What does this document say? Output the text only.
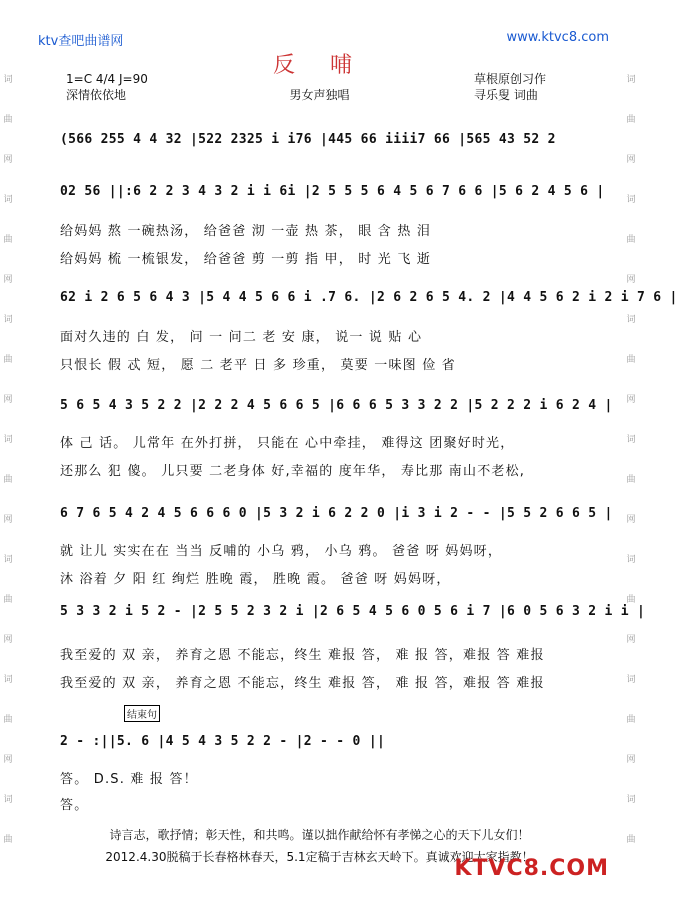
ktv查吧曲谱网	www.ktvc8.com
词
曲
网
词
曲
网
词
曲
网
词
曲
网
词
曲
网
词
曲
网
词
曲
词
曲
网
词
曲
网
词
曲
网
词
曲
网
词
曲
网
词
曲
网
词
曲
反 哺
1=C 4/4 J=90
深情依依地	男女声独唱
草根原创习作
寻乐叟 词曲
(566 255 4 4 32 |522 2325 i i76 |445 66 iiii7 66 |565 43 52 2
02 56 ||:6 2 2 3 4 3 2 i i 6i |2 5 5 5 6 4 5 6 7 6 6 |5 6 2 4 5 6 |
给妈妈 熬 一碗热汤， 给爸爸 沏 一壶 热 茶， 眼 含 热 泪
给妈妈 梳 一梳银发， 给爸爸 剪 一剪 指 甲， 时 光 飞 逝
62 i 2 6 5 6 4 3 |5 4 4 5 6 6 i .7 6. |2 6 2 6 5 4. 2 |4 4 5 6 2 i 2 i 7 6 |
面对久违的 白 发， 问 一 问二 老 安 康， 说一 说 贴 心
只恨长 假 忒 短， 愿 二 老平 日 多 珍重， 莫要 一味图 俭 省
5 6 5 4 3 5 2 2 |2 2 2 4 5 6 6 5 |6 6 6 5 3 3 2 2 |5 2 2 2 i 6 2 4 |
体 己 话。 儿常年 在外打拼， 只能在 心中牵挂， 难得这 团聚好时光，
还那么 犯 傻。 儿只要 二老身体 好,幸福的 度年华， 寿比那 南山不老松,
6 7 6 5 4 2 4 5 6 6 6 0 |5 3 2 i 6 2 2 0 |i 3 i 2 - - |5 5 2 6 6 5 |
就 让儿 实实在在 当当 反哺的 小乌 鸦， 小乌 鸦。 爸爸 呀 妈妈呀，
沐 浴着 夕 阳 红 绚烂 胜晚 霞， 胜晚 霞。 爸爸 呀 妈妈呀，
5 3 3 2 i 5 2 - |2 5 5 2 3 2 i |2 6 5 4 5 6 0 5 6 i 7 |6 0 5 6 3 2 i i |
我至爱的 双 亲， 养育之恩 不能忘，终生 难报 答， 难 报 答，难报 答 难报
我至爱的 双 亲， 养育之恩 不能忘，终生 难报 答， 难 报 答，难报 答 难报
结束句
2 - :||5. 6 |4 5 4 3 5 2 2 - |2 - - 0 ||
答。 D.S. 难 报 答！
答。
诗言志，歌抒情；彰天性，和共鸣。谨以拙作献给怀有孝悌之心的天下儿女们！
2012.4.30脱稿于长春格林春天，5.1定稿于吉林玄天岭下。真诚欢迎大家指教！
KTVC8.COM
